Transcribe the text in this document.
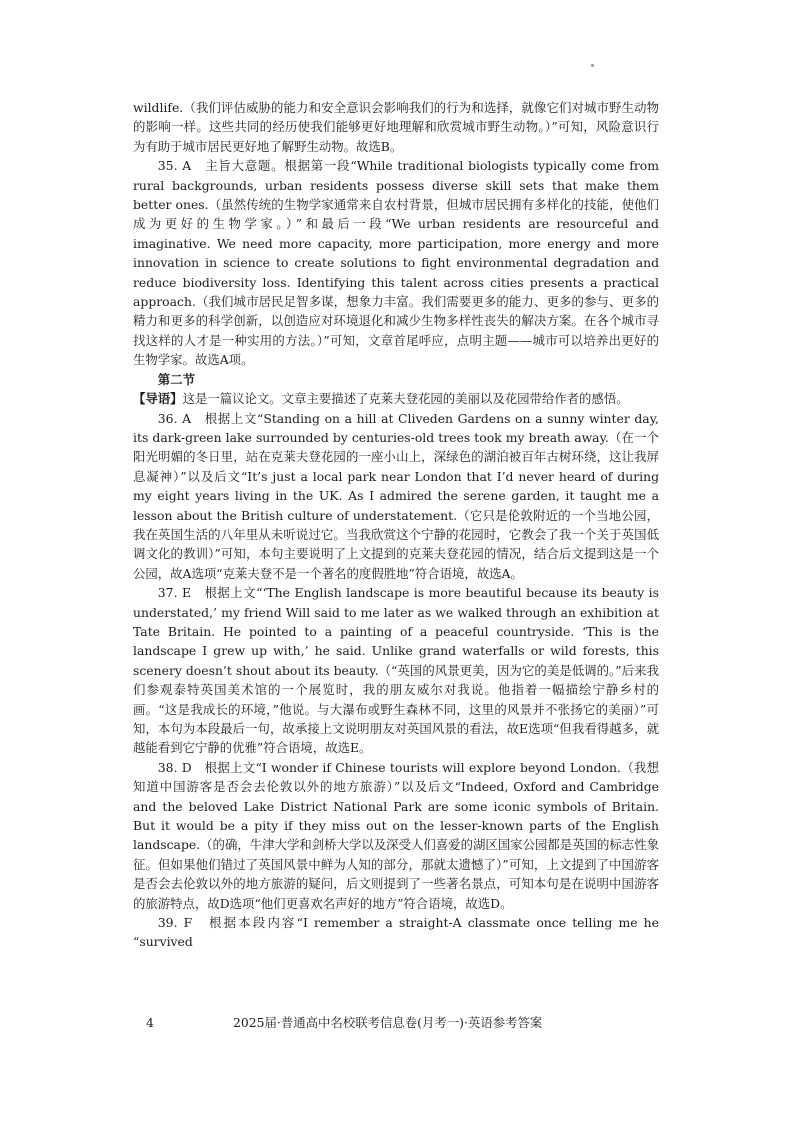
wildlife.（我们评估威胁的能力和安全意识会影响我们的行为和选择，就像它们对城市野生动物的影响一样。这些共同的经历使我们能够更好地理解和欣赏城市野生动物。）”可知，风险意识行为有助于城市居民更好地了解野生动物。故选B。

35. A　主旨大意题。根据第一段“While traditional biologists typically come from rural backgrounds, urban residents possess diverse skill sets that make them better ones.（虽然传统的生物学家通常来自农村背景，但城市居民拥有多样化的技能，使他们成为更好的生物学家。）”和最后一段“We urban residents are resourceful and imaginative. We need more capacity, more participation, more energy and more innovation in science to create solutions to fight environmental degradation and reduce biodiversity loss. Identifying this talent across cities presents a practical approach.（我们城市居民足智多谋，想象力丰富。我们需要更多的能力、更多的参与、更多的精力和更多的科学创新，以创造应对环境退化和减少生物多样性丧失的解决方案。在各个城市寻找这样的人才是一种实用的方法。）”可知，文章首尾呼应，点明主题——城市可以培养出更好的生物学家。故选A项。

第二节

【导语】这是一篇议论文。文章主要描述了克莱夫登花园的美丽以及花园带给作者的感悟。

36. A　根据上文“Standing on a hill at Cliveden Gardens on a sunny winter day, its dark-green lake surrounded by centuries-old trees took my breath away.（在一个阳光明媚的冬日里，站在克莱夫登花园的一座小山上，深绿色的湖泊被百年古树环绕，这让我屏息凝神）”以及后文“It’s just a local park near London that I’d never heard of during my eight years living in the UK. As I admired the serene garden, it taught me a lesson about the British culture of understatement.（它只是伦敦附近的一个当地公园，我在英国生活的八年里从未听说过它。当我欣赏这个宁静的花园时，它教会了我一个关于英国低调文化的教训）”可知，本句主要说明了上文提到的克莱夫登花园的情况，结合后文提到这是一个公园，故A选项“克莱夫登不是一个著名的度假胜地”符合语境，故选A。

37. E　根据上文“‘The English landscape is more beautiful because its beauty is understated,’ my friend Will said to me later as we walked through an exhibition at Tate Britain. He pointed to a painting of a peaceful countryside. ‘This is the landscape I grew up with,’ he said. Unlike grand waterfalls or wild forests, this scenery doesn’t shout about its beauty.（“英国的风景更美，因为它的美是低调的。”后来我们参观泰特英国美术馆的一个展览时，我的朋友威尔对我说。他指着一幅描绘宁静乡村的画。“这是我成长的环境，”他说。与大瀑布或野生森林不同，这里的风景并不张扬它的美丽）”可知，本句为本段最后一句，故承接上文说明朋友对英国风景的看法，故E选项“但我看得越多，就越能看到它宁静的优雅”符合语境，故选E。

38. D　根据上文“I wonder if Chinese tourists will explore beyond London.（我想知道中国游客是否会去伦敦以外的地方旅游）”以及后文“Indeed, Oxford and Cambridge and the beloved Lake District National Park are some iconic symbols of Britain. But it would be a pity if they miss out on the lesser-known parts of the English landscape.（的确，牛津大学和剑桥大学以及深受人们喜爱的湖区国家公园都是英国的标志性象征。但如果他们错过了英国风景中鲜为人知的部分，那就太遗憾了）”可知，上文提到了中国游客是否会去伦敦以外的地方旅游的疑问，后文则提到了一些著名景点，可知本句是在说明中国游客的旅游特点，故D选项“他们更喜欢名声好的地方”符合语境，故选D。

39. F　根据本段内容“I remember a straight-A classmate once telling me he “survived

4	2025届·普通高中名校联考信息卷(月考一)·英语参考答案
